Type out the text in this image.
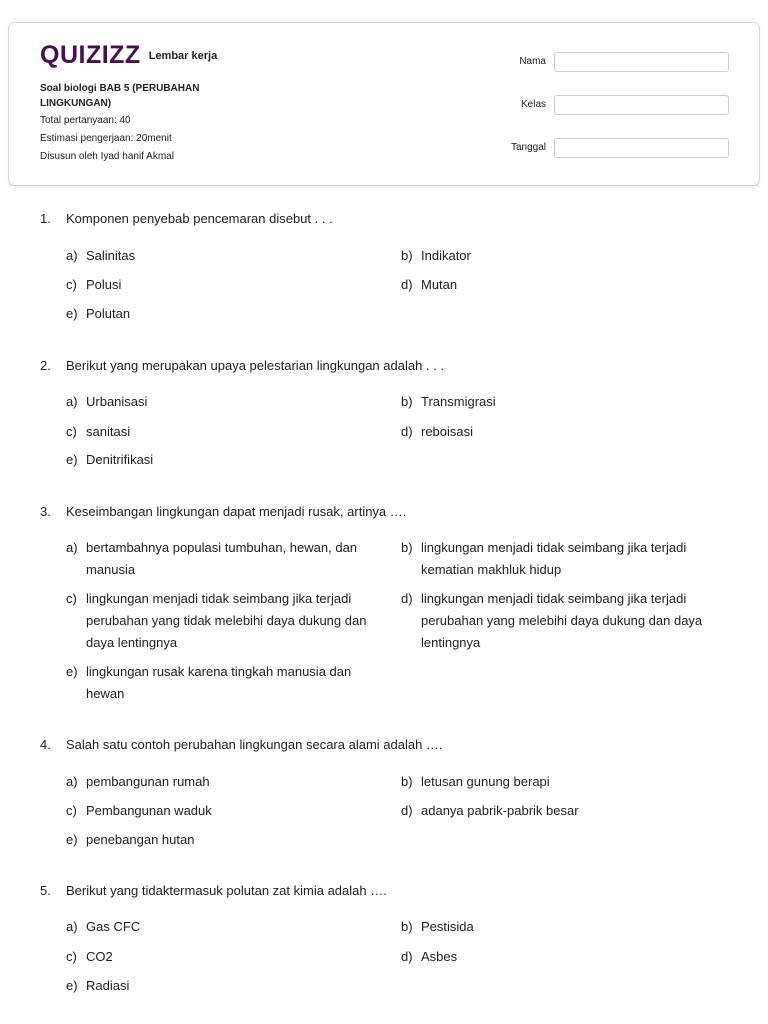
QUIZIZZ Lembar kerja
Soal biologi BAB 5 (PERUBAHAN LINGKUNGAN)
Total pertanyaan: 40
Estimasi pengerjaan: 20menit
Disusun oleh Iyad hanif Akmal
Nama
Kelas
Tanggal
1. Komponen penyebab pencemaran disebut . . .
a) Salinitas	b) Indikator
c) Polusi	d) Mutan
e) Polutan
2. Berikut yang merupakan upaya pelestarian lingkungan adalah . . .
a) Urbanisasi	b) Transmigrasi
c) sanitasi	d) reboisasi
e) Denitrifikasi
3. Keseimbangan lingkungan dapat menjadi rusak, artinya ….
a) bertambahnya populasi tumbuhan, hewan, dan manusia
b) lingkungan menjadi tidak seimbang jika terjadi kematian makhluk hidup
c) lingkungan menjadi tidak seimbang jika terjadi perubahan yang tidak melebihi daya dukung dan daya lentingnya
d) lingkungan menjadi tidak seimbang jika terjadi perubahan yang melebihi daya dukung dan daya lentingnya
e) lingkungan rusak karena tingkah manusia dan hewan
4. Salah satu contoh perubahan lingkungan secara alami adalah ….
a) pembangunan rumah	b) letusan gunung berapi
c) Pembangunan waduk	d) adanya pabrik-pabrik besar
e) penebangan hutan
5. Berikut yang tidaktermasuk polutan zat kimia adalah ….
a) Gas CFC	b) Pestisida
c) CO2	d) Asbes
e) Radiasi
